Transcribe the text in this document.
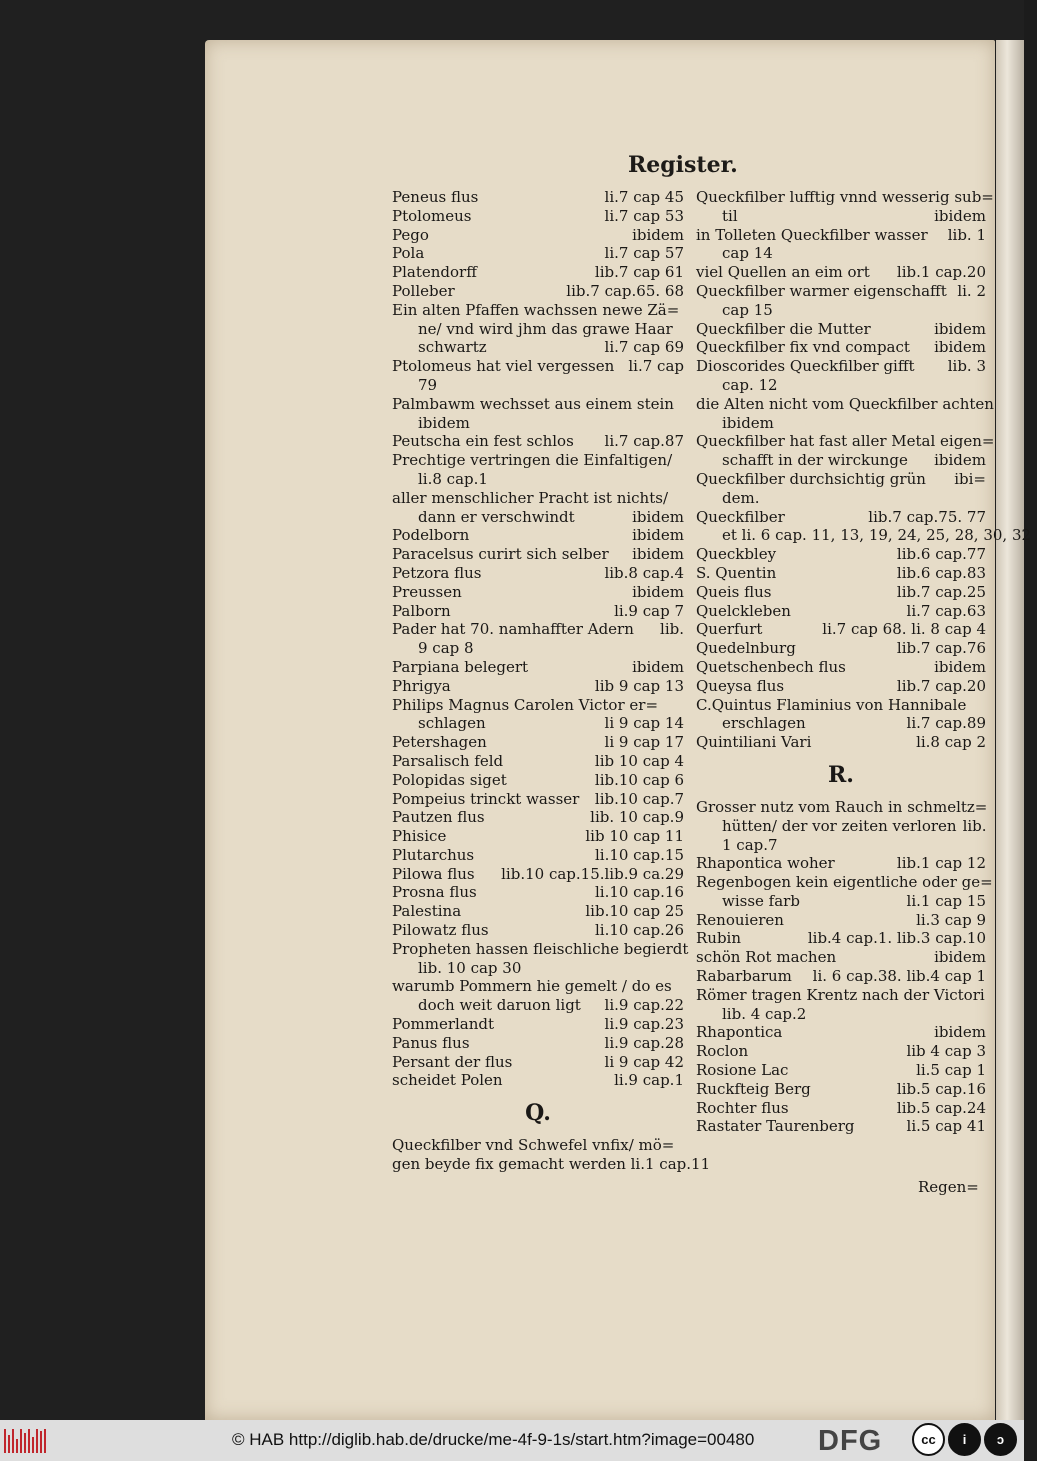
Register.
Peneus flus	li.7 cap 45
Ptolomeus	li.7 cap 53
Pego	ibidem
Pola	li.7 cap 57
Platendorff	lib.7 cap 61
Polleber	lib.7 cap.65. 68
Ein alten Pfaffen wachssen newe Zä=
ne/ vnd wird jhm das grawe Haar
schwartz	li.7 cap 69
Ptolomeus hat viel vergessen li.7 cap
79
Palmbawm wechsset aus einem stein
ibidem
Peutscha ein fest schlos	li.7 cap.87
Prechtige vertringen die Einfaltigen/
li.8 cap.1
aller menschlicher Pracht ist nichts/
dann er verschwindt	ibidem
Podelborn	ibidem
Paracelsus curirt sich selber	ibidem
Petzora flus	lib.8 cap.4
Preussen	ibidem
Palborn	li.9 cap 7
Pader hat 70. namhaffter Adern	lib.
9 cap 8
Parpiana belegert	ibidem
Phrigya	lib 9 cap 13
Philips Magnus Carolen Victor er=
schlagen	li 9 cap 14
Petershagen	li 9 cap 17
Parsalisch feld	lib 10 cap 4
Polopidas siget	lib.10 cap 6
Pompeius trinckt wasser	lib.10 cap.7
Pautzen flus	lib. 10 cap.9
Phisice	lib 10 cap 11
Plutarchus	li.10 cap.15
Pilowa flus	lib.10 cap.15.lib.9 ca.29
Prosna flus	li.10 cap.16
Palestina	lib.10 cap 25
Pilowatz flus	li.10 cap.26
Propheten hassen fleischliche begierdt
lib. 10 cap 30
warumb Pommern hie gemelt / do es
doch weit daruon ligt	li.9 cap.22
Pommerlandt	li.9 cap.23
Panus flus	li.9 cap.28
Persant der flus	li 9 cap 42
scheidet Polen	li.9 cap.1
Q.
Queckfilber vnd Schwefel vnfix/ mö=
gen beyde fix gemacht werden li.1 cap.11
Queckfilber lufftig vnnd wesserig sub=
til	ibidem
in Tolleten Queckfilber wasser	lib. 1
cap 14
viel Quellen an eim ort	lib.1 cap.20
Queckfilber warmer eigenschafft li. 2
cap 15
Queckfilber die Mutter	ibidem
Queckfilber fix vnd compact	ibidem
Dioscorides Queckfilber gifft	lib. 3
cap. 12
die Alten nicht vom Queckfilber achten
ibidem
Queckfilber hat fast aller Metal eigen=
schafft in der wirckunge	ibidem
Queckfilber durchsichtig grün	ibi=
dem.
Queckfilber	lib.7 cap.75. 77
et li. 6 cap. 11, 13, 19, 24, 25, 28, 30, 32
Queckbley	lib.6 cap.77
S. Quentin	lib.6 cap.83
Queis flus	lib.7 cap.25
Quelckleben	li.7 cap.63
Querfurt	li.7 cap 68. li. 8 cap 4
Quedelnburg	lib.7 cap.76
Quetschenbech flus	ibidem
Queysa flus	lib.7 cap.20
C.Quintus Flaminius von Hannibale
erschlagen	li.7 cap.89
Quintiliani Vari	li.8 cap 2
R.
Grosser nutz vom Rauch in schmeltz=
hütten/ der vor zeiten verloren lib.
1 cap.7
Rhapontica woher	lib.1 cap 12
Regenbogen kein eigentliche oder ge=
wisse farb	li.1 cap 15
Renouieren	li.3 cap 9
Rubin	lib.4 cap.1. lib.3 cap.10
schön Rot machen	ibidem
Rabarbarum	li. 6 cap.38. lib.4 cap 1
Römer tragen Krentz nach der Victori
lib. 4 cap.2
Rhapontica	ibidem
Roclon	lib 4 cap 3
Rosione Lac	li.5 cap 1
Ruckfteig Berg	lib.5 cap.16
Rochter flus	lib.5 cap.24
Rastater Taurenberg	li.5 cap 41
Regen=
© HAB http://diglib.hab.de/drucke/me-4f-9-1s/start.htm?image=00480 DFG	cc	i	ↄ
